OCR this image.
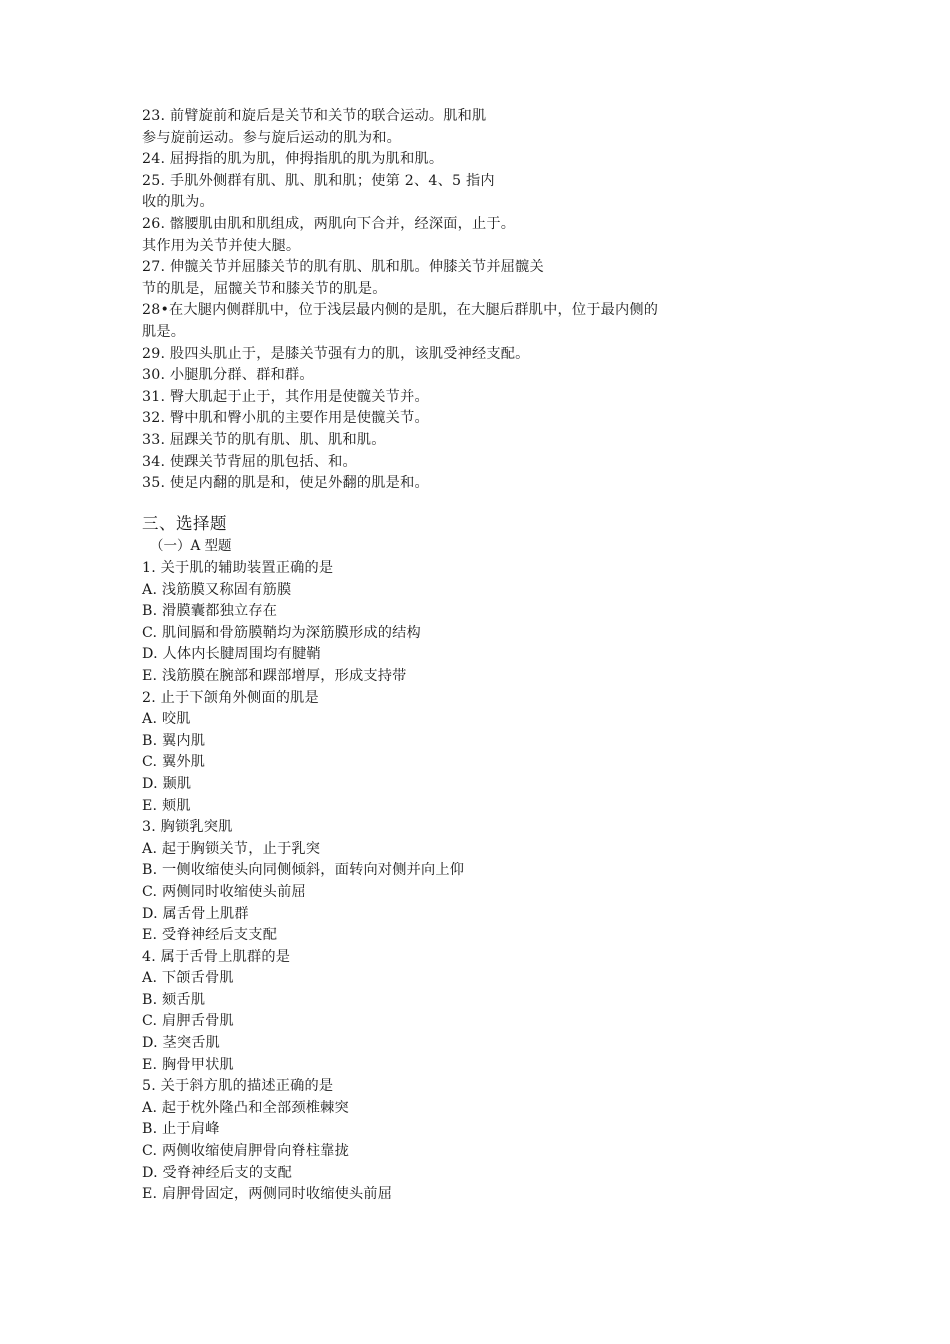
23. 前臂旋前和旋后是关节和关节的联合运动。肌和肌
参与旋前运动。参与旋后运动的肌为和。
24. 屈拇指的肌为肌，伸拇指肌的肌为肌和肌。
25. 手肌外侧群有肌、肌、肌和肌；使第 2、4、5 指内
收的肌为。
26. 髂腰肌由肌和肌组成，两肌向下合并，经深面，止于。
其作用为关节并使大腿。
27. 伸髋关节并屈膝关节的肌有肌、肌和肌。伸膝关节并屈髋关
节的肌是，屈髋关节和膝关节的肌是。
28•在大腿内侧群肌中，位于浅层最内侧的是肌，在大腿后群肌中，位于最内侧的
肌是。
29. 股四头肌止于，是膝关节强有力的肌，该肌受神经支配。
30. 小腿肌分群、群和群。
31. 臀大肌起于止于，其作用是使髋关节并。
32. 臀中肌和臀小肌的主要作用是使髋关节。
33. 屈踝关节的肌有肌、肌、肌和肌。
34. 使踝关节背屈的肌包括、和。
35. 使足内翻的肌是和，使足外翻的肌是和。
三、选择题
（一）A 型题
1. 关于肌的辅助装置正确的是
A. 浅筋膜又称固有筋膜
B. 滑膜囊都独立存在
C. 肌间膈和骨筋膜鞘均为深筋膜形成的结构
D. 人体内长腱周围均有腱鞘
E. 浅筋膜在腕部和踝部增厚，形成支持带
2. 止于下颌角外侧面的肌是
A. 咬肌
B. 翼内肌
C. 翼外肌
D. 颞肌
E. 颊肌
3. 胸锁乳突肌
A. 起于胸锁关节，止于乳突
B. 一侧收缩使头向同侧倾斜，面转向对侧并向上仰
C. 两侧同时收缩使头前屈
D. 属舌骨上肌群
E. 受脊神经后支支配
4. 属于舌骨上肌群的是
A. 下颌舌骨肌
B. 颏舌肌
C. 肩胛舌骨肌
D. 茎突舌肌
E. 胸骨甲状肌
5. 关于斜方肌的描述正确的是
A. 起于枕外隆凸和全部颈椎棘突
B. 止于肩峰
C. 两侧收缩使肩胛骨向脊柱靠拢
D. 受脊神经后支的支配
E. 肩胛骨固定，两侧同时收缩使头前屈
